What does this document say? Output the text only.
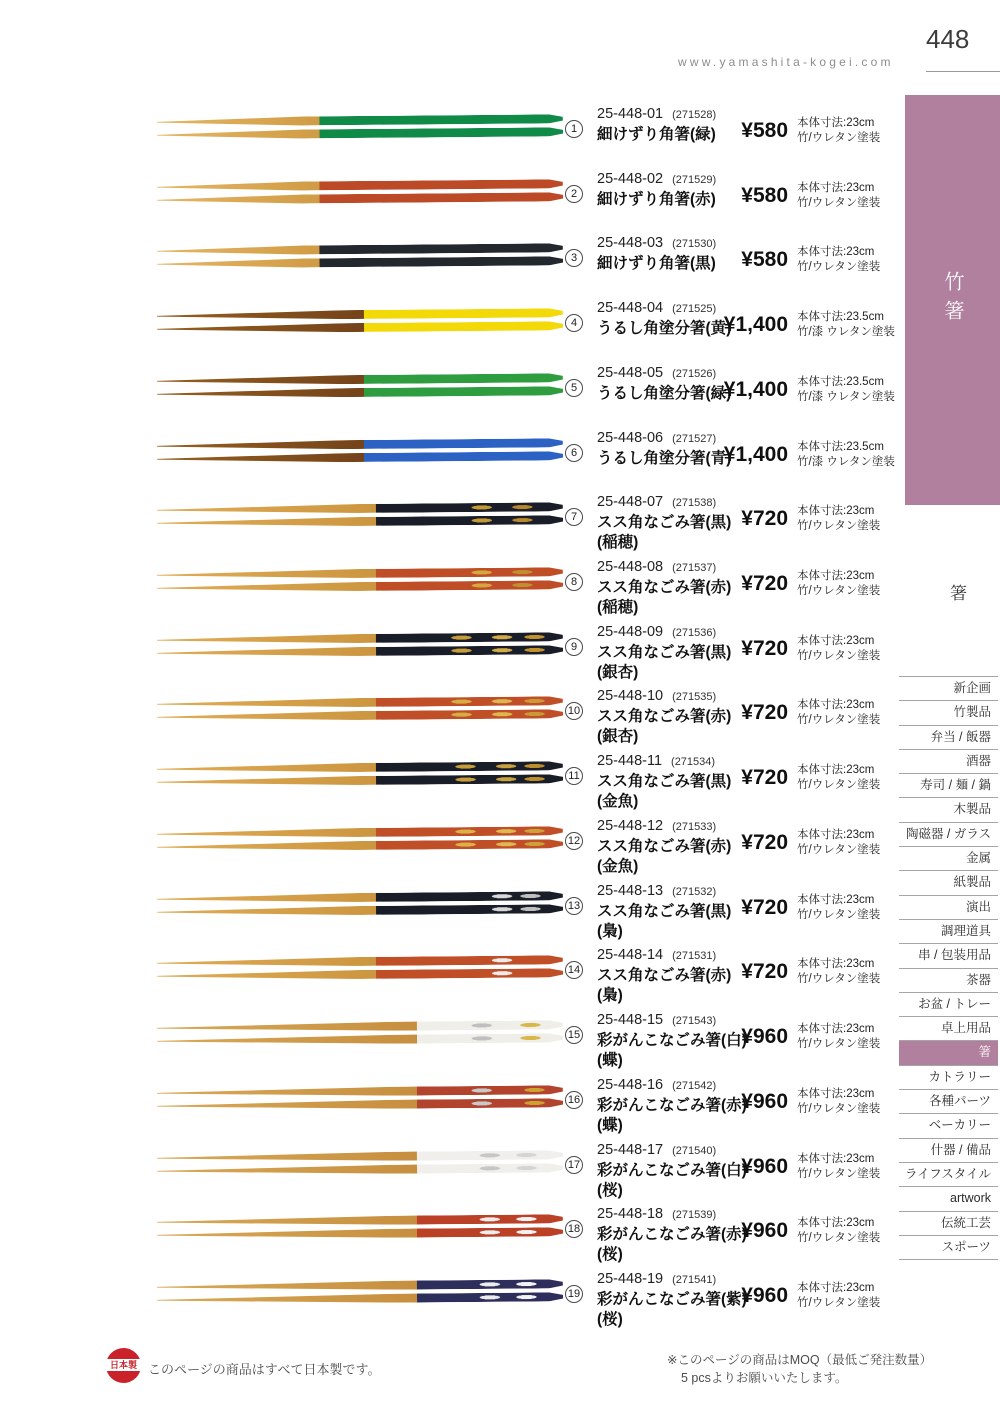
www.yamashita-kogei.com
448
竹箸
箸
新企画
竹製品
弁当 / 飯器
酒器
寿司 / 麺 / 鍋
木製品
陶磁器 / ガラス
金属
紙製品
演出
調理道具
串 / 包装用品
茶器
お盆 / トレー
卓上用品
箸
カトラリー
各種パーツ
ベーカリー
什器 / 備品
ライフスタイル
artwork
伝統工芸
スポーツ
1
25-448-01 (271528)
細けずり角箸(緑)	¥580 本体寸法:23cm
竹/ウレタン塗装
2
25-448-02 (271529)
細けずり角箸(赤)	¥580 本体寸法:23cm
竹/ウレタン塗装
3
25-448-03 (271530)
細けずり角箸(黒)	¥580 本体寸法:23cm
竹/ウレタン塗装
4
25-448-04 (271525)
うるし角塗分箸(黄)
¥1,400 本体寸法:23.5cm
竹/漆 ウレタン塗装
5
25-448-05 (271526)
うるし角塗分箸(緑)
¥1,400 本体寸法:23.5cm
竹/漆 ウレタン塗装
6
25-448-06 (271527)
うるし角塗分箸(青)
¥1,400 本体寸法:23.5cm
竹/漆 ウレタン塗装
7
25-448-07 (271538)
スス角なごみ箸(黒)
(稲穂)
¥720 本体寸法:23cm
竹/ウレタン塗装
8
25-448-08 (271537)
スス角なごみ箸(赤)
(稲穂)
¥720 本体寸法:23cm
竹/ウレタン塗装
9
25-448-09 (271536)
スス角なごみ箸(黒)
(銀杏)
¥720 本体寸法:23cm
竹/ウレタン塗装
10
25-448-10 (271535)
スス角なごみ箸(赤)
(銀杏)
¥720 本体寸法:23cm
竹/ウレタン塗装
11
25-448-11 (271534)
スス角なごみ箸(黒)
(金魚)
¥720 本体寸法:23cm
竹/ウレタン塗装
12
25-448-12 (271533)
スス角なごみ箸(赤)
(金魚)
¥720 本体寸法:23cm
竹/ウレタン塗装
13
25-448-13 (271532)
スス角なごみ箸(黒)
(梟)
¥720 本体寸法:23cm
竹/ウレタン塗装
14
25-448-14 (271531)
スス角なごみ箸(赤)
(梟)
¥720 本体寸法:23cm
竹/ウレタン塗装
15
25-448-15 (271543)
彩がんこなごみ箸(白)
(蝶)
¥960 本体寸法:23cm
竹/ウレタン塗装
16
25-448-16 (271542)
彩がんこなごみ箸(赤)
(蝶)
¥960 本体寸法:23cm
竹/ウレタン塗装
17
25-448-17 (271540)
彩がんこなごみ箸(白)
(桜)
¥960 本体寸法:23cm
竹/ウレタン塗装
18
25-448-18 (271539)
彩がんこなごみ箸(赤)
(桜)
¥960 本体寸法:23cm
竹/ウレタン塗装
19
25-448-19 (271541)
彩がんこなごみ箸(紫)
(桜)
¥960 本体寸法:23cm
竹/ウレタン塗装
日本製 このページの商品はすべて日本製です。
※このページの商品はMOQ（最低ご発注数量）
5 pcsよりお願いいたします。
